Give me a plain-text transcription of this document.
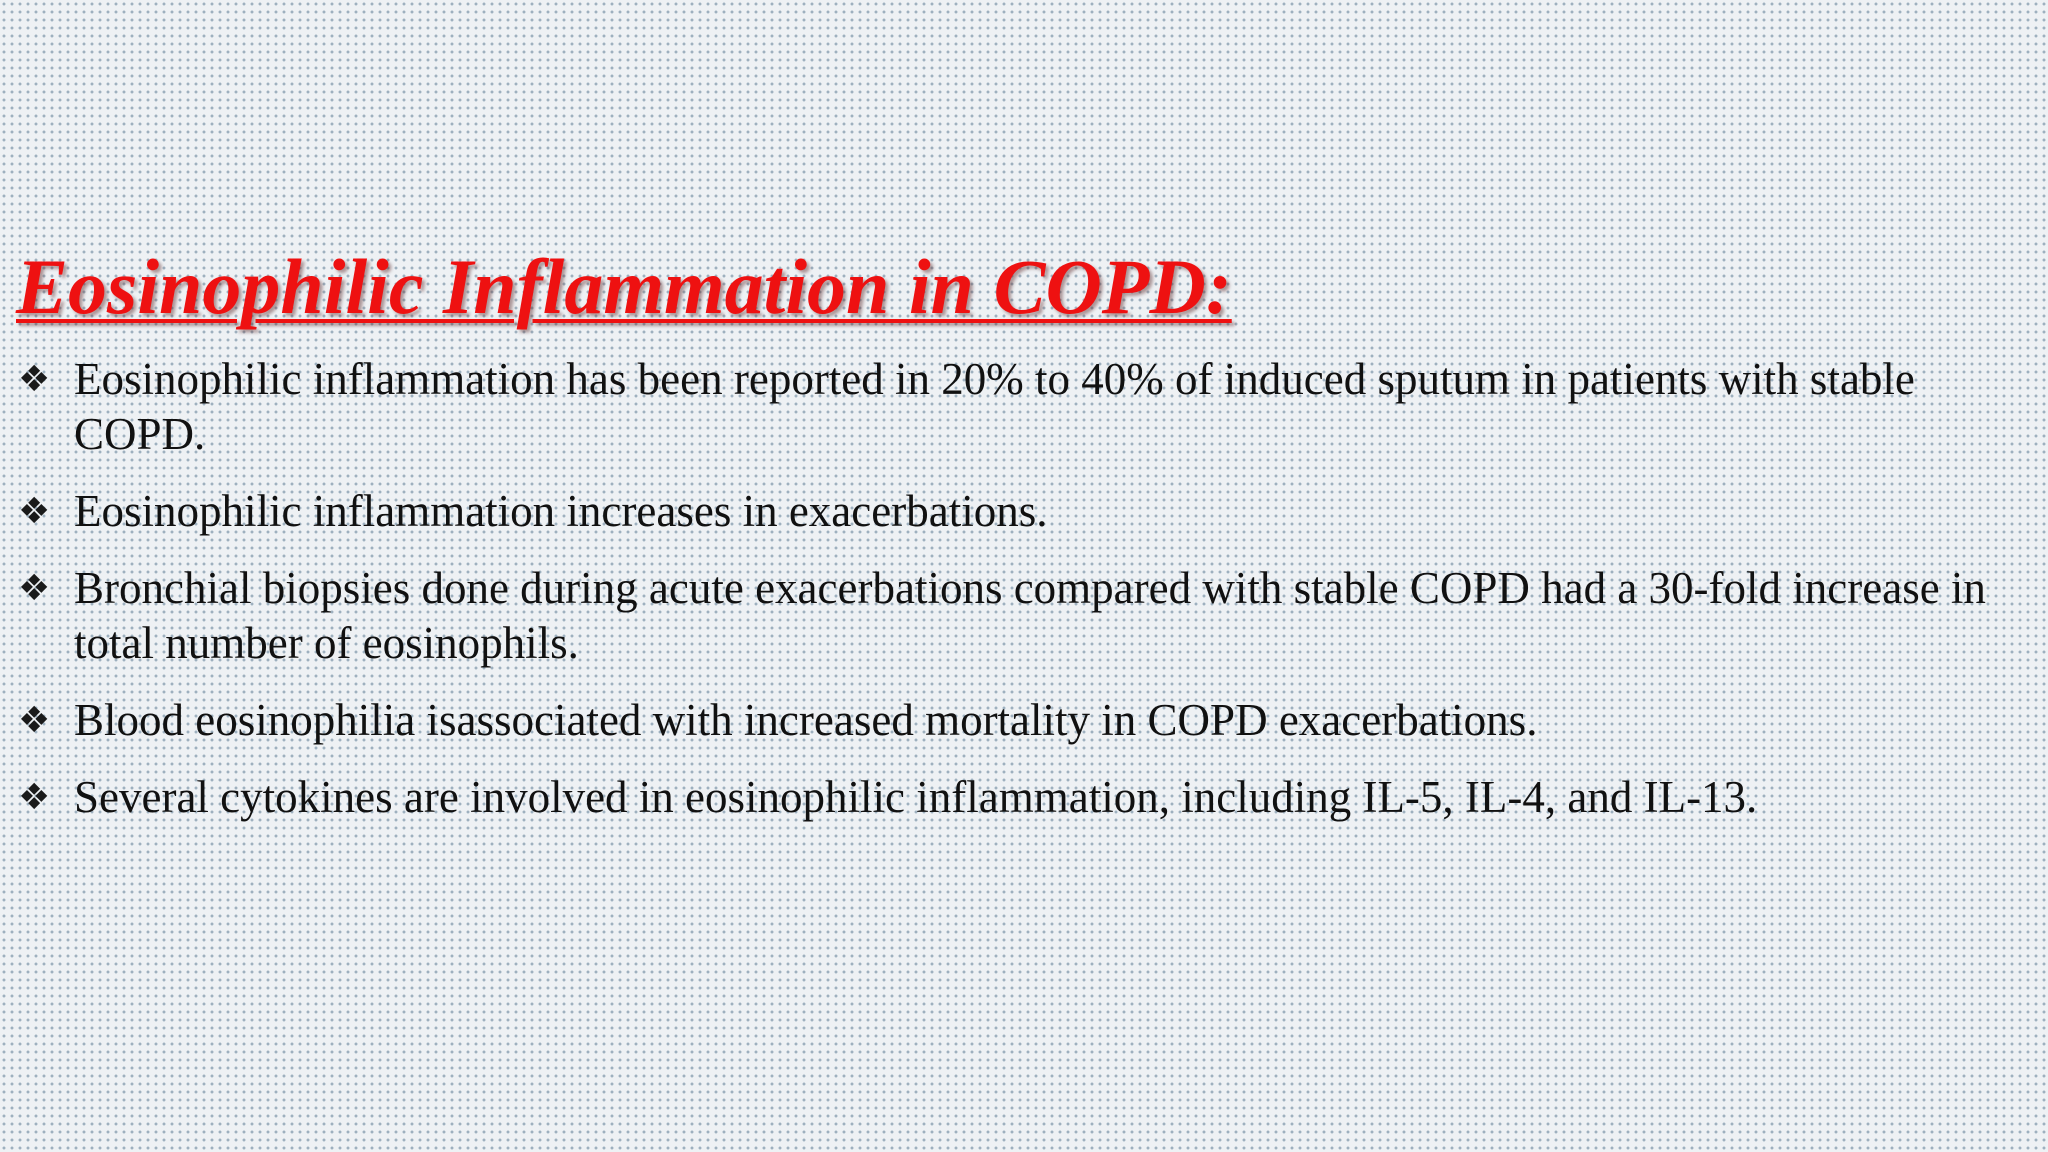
Eosinophilic Inflammation in COPD:
❖ Eosinophilic inflammation has been reported in 20% to 40% of induced sputum in patients with stable COPD.
❖ Eosinophilic inflammation increases in exacerbations.
❖ Bronchial biopsies done during acute exacerbations compared with stable COPD had a 30-fold increase in total number of eosinophils.
❖ Blood eosinophilia isassociated with increased mortality in COPD exacerbations.
❖ Several cytokines are involved in eosinophilic inflammation, including IL-5, IL-4, and IL-13.
